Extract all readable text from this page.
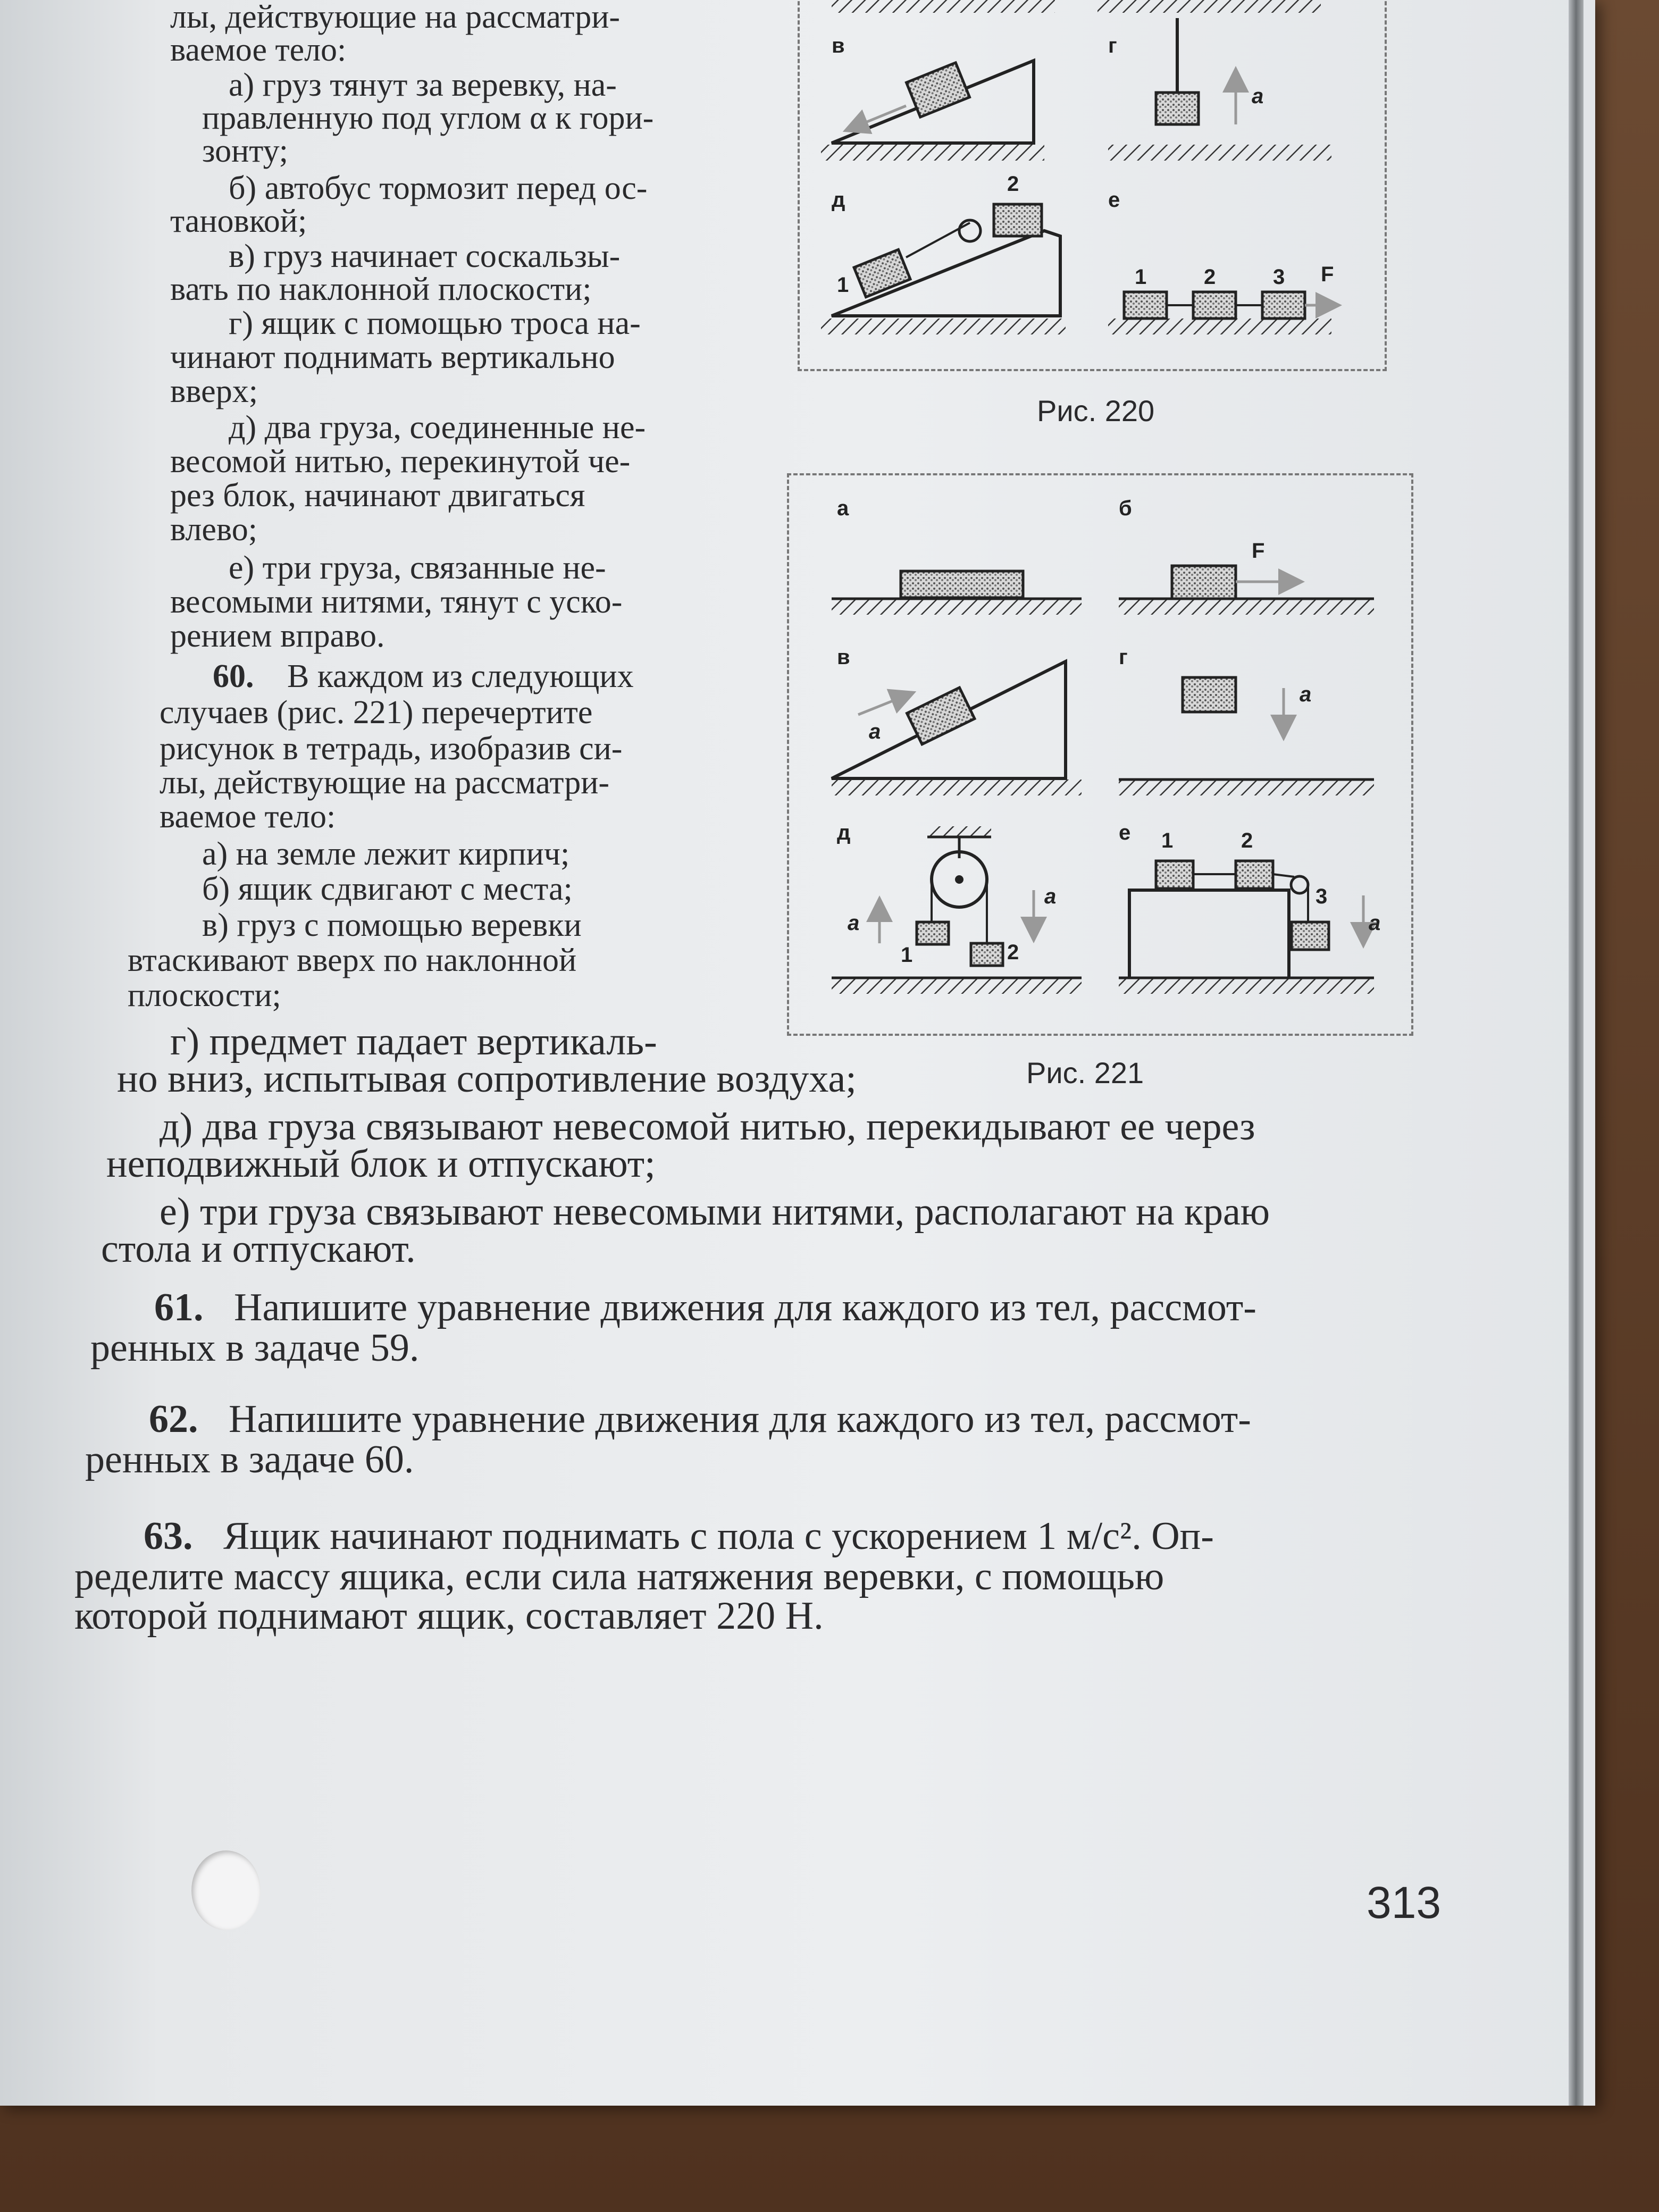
лы, действующие на рассматри-
ваемое тело:
а) груз тянут за веревку, на-
правленную под углом α к гори-
зонту;
б) автобус тормозит перед ос-
тановкой;
в) груз начинает соскальзы-
вать по наклонной плоскости;
г) ящик с помощью троса на-
чинают поднимать вертикально
вверх;
д) два груза, соединенные не-
весомой нитью, перекинутой че-
рез блок, начинают двигаться
влево;
е) три груза, связанные не-
весомыми нитями, тянут с уско-
рением вправо.
60. В каждом из следующих
случаев (рис. 221) перечертите
рисунок в тетрадь, изобразив си-
лы, действующие на рассматри-
ваемое тело:
а) на земле лежит кирпич;
б) ящик сдвигают с места;
в) груз с помощью веревки
втаскивают вверх по наклонной
плоскости;
г) предмет падает вертикаль-
но вниз, испытывая сопротивление воздуха;
д) два груза связывают невесомой нитью, перекидывают ее через
неподвижный блок и отпускают;
е) три груза связывают невесомыми нитями, располагают на краю
стола и отпускают.
61. Напишите уравнение движения для каждого из тел, рассмот-
ренных в задаче 59.
62. Напишите уравнение движения для каждого из тел, рассмот-
ренных в задаче 60.
63. Ящик начинают поднимать с пола с ускорением 1 м/с². Оп-
ределите массу ящика, если сила натяжения веревки, с помощью
которой поднимают ящик, составляет 220 Н.
в	г
a
д	е
1
2
1	2	3 F
Рис. 220
а	б
F
в	г
a
a
д	е
a
a
1	2
1	2
3
a
Рис. 221
313
